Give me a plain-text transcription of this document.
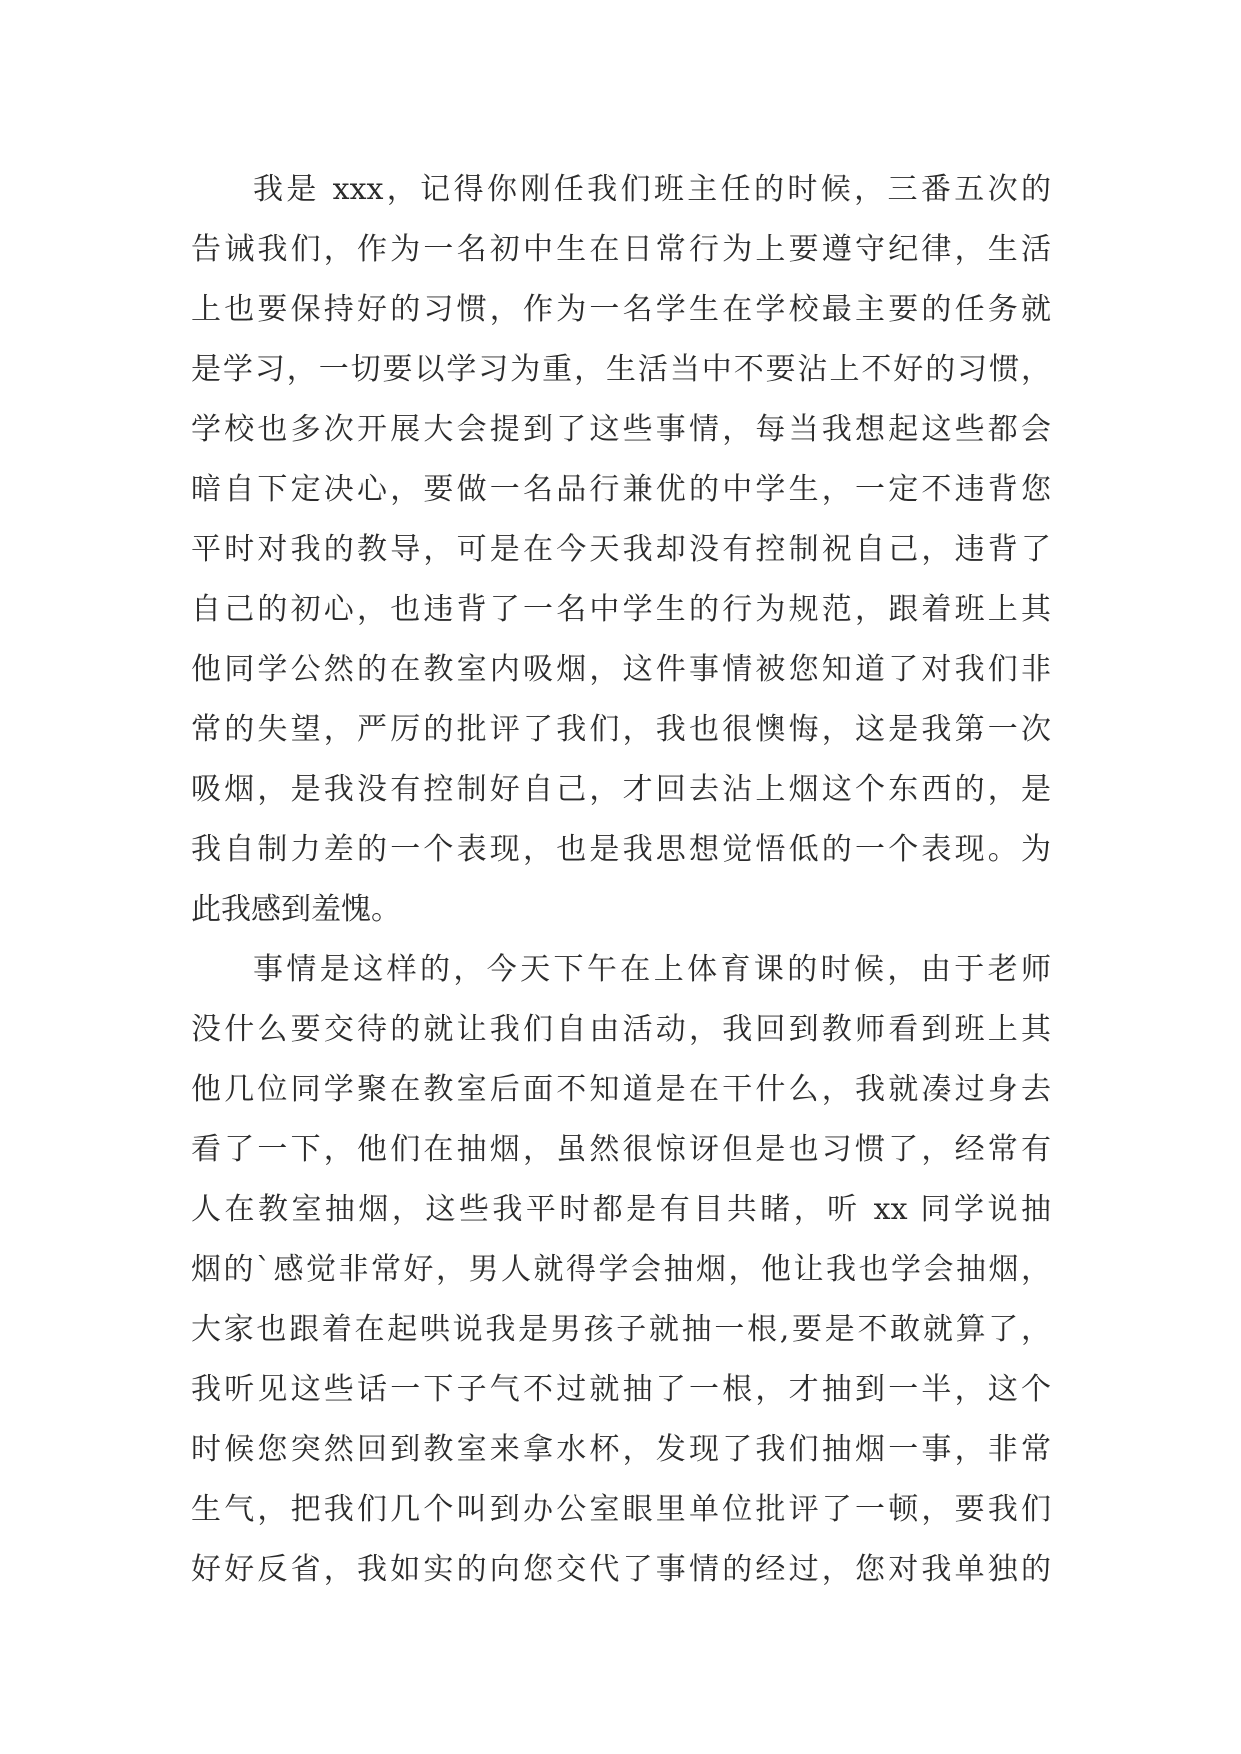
我是 xxx，记得你刚任我们班主任的时候，三番五次的
告诫我们，作为一名初中生在日常行为上要遵守纪律，生活
上也要保持好的习惯，作为一名学生在学校最主要的任务就
是学习，一切要以学习为重，生活当中不要沾上不好的习惯，
学校也多次开展大会提到了这些事情，每当我想起这些都会
暗自下定决心，要做一名品行兼优的中学生，一定不违背您
平时对我的教导，可是在今天我却没有控制祝自己，违背了
自己的初心，也违背了一名中学生的行为规范，跟着班上其
他同学公然的在教室内吸烟，这件事情被您知道了对我们非
常的失望，严厉的批评了我们，我也很懊悔，这是我第一次
吸烟，是我没有控制好自己，才回去沾上烟这个东西的，是
我自制力差的一个表现，也是我思想觉悟低的一个表现。为
此我感到羞愧。
事情是这样的，今天下午在上体育课的时候，由于老师
没什么要交待的就让我们自由活动，我回到教师看到班上其
他几位同学聚在教室后面不知道是在干什么，我就凑过身去
看了一下，他们在抽烟，虽然很惊讶但是也习惯了，经常有
人在教室抽烟，这些我平时都是有目共睹，听 xx 同学说抽
烟的`感觉非常好，男人就得学会抽烟，他让我也学会抽烟，
大家也跟着在起哄说我是男孩子就抽一根,要是不敢就算了，
我听见这些话一下子气不过就抽了一根，才抽到一半，这个
时候您突然回到教室来拿水杯，发现了我们抽烟一事，非常
生气，把我们几个叫到办公室眼里单位批评了一顿，要我们
好好反省，我如实的向您交代了事情的经过，您对我单独的
